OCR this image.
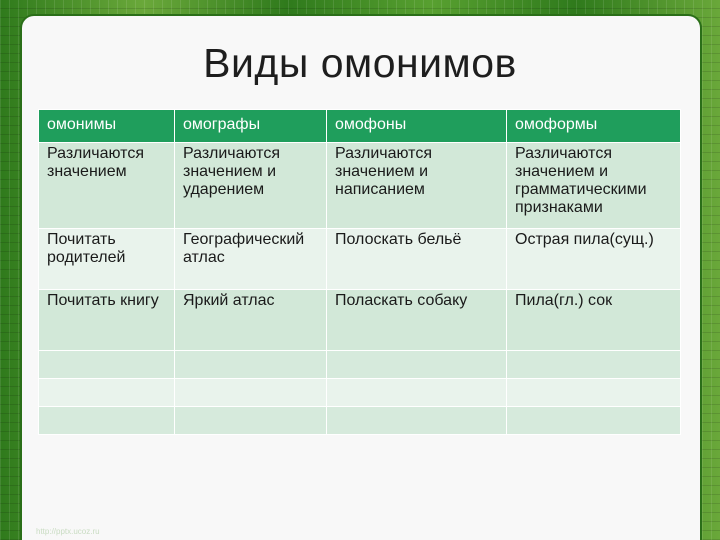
Виды омонимов
омонимы	омографы	омофоны	омоформы
Различаются значением	Различаются значением и ударением	Различаются значением и написанием	Различаются значением и грамматическими признаками
Почитать родителей	Географический атлас	Полоскать бельё	Острая пила(сущ.)
Почитать книгу	Яркий атлас	Поласкать собаку	Пила(гл.) сок

http://pptx.ucoz.ru
